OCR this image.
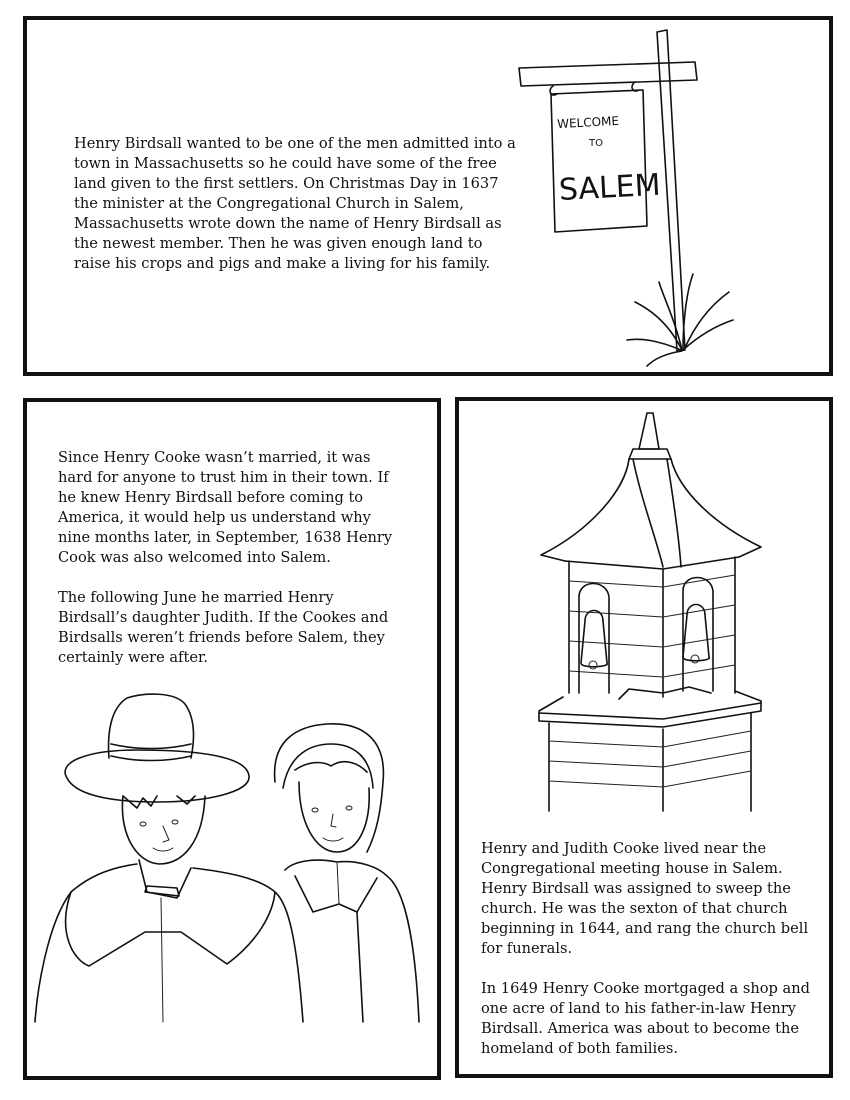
Henry Birdsall wanted to be one of the men admitted into a town in Massachusetts so he could have some of the free land given to the first settlers. On Christmas Day in 1637 the minister at the Congregational Church in Salem, Massachusetts wrote down the name of Henry Birdsall as the newest member. Then he was given enough land to raise his crops and pigs and make a living for his family.
WELCOME
TO
SALEM

Since Henry Cooke wasn’t married, it was hard for anyone to trust him in their town. If he knew Henry Birdsall before coming to America, it would help us understand why nine months later, in September, 1638 Henry Cook was also welcomed into Salem.

The following June he married Henry Birdsall’s daughter Judith. If the Cookes and Birdsalls weren’t friends before Salem, they certainly were after.

Henry and Judith Cooke lived near the Congregational meeting house in Salem. Henry Birdsall was assigned to sweep the church. He was the sexton of that church beginning in 1644, and rang the church bell for funerals.

In 1649 Henry Cooke mortgaged a shop and one acre of land to his father-in-law Henry Birdsall. America was about to become the homeland of both families.
